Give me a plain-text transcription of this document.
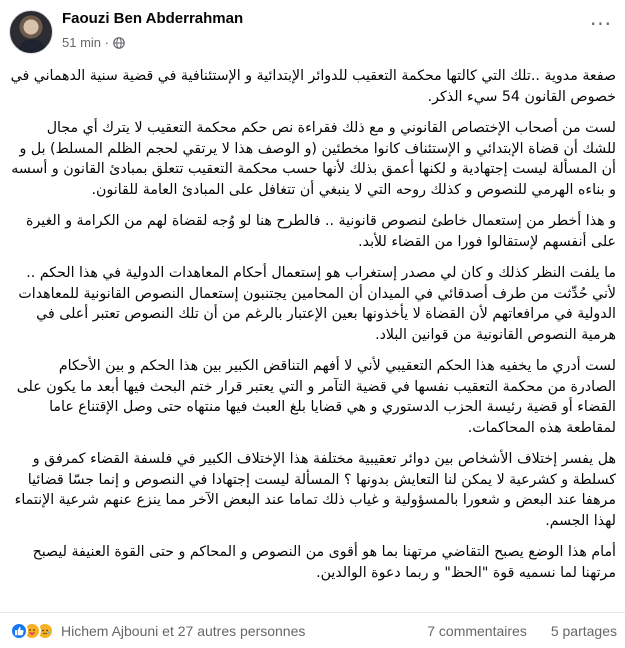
Faouzi Ben Abderrahman
51 min ·
···

صفعة مدوية ..تلك التي كالتها محكمة التعقيب للدوائر الإبتدائية و الإستئنافية في قضية سنية الدهماني في خصوص القانون 54 سيء الذكر.

لست من أصحاب الإختصاص القانوني و مع ذلك فقراءة نص حكم محكمة التعقيب لا يترك أي مجال للشك أن قضاة الإبتدائي و الإستئناف كانوا مخطئين (و الوصف هذا لا يرتقي لحجم الظلم المسلط) بل و أن المسألة ليست إجتهادية و لكنها أعمق بذلك لأنها حسب محكمة التعقيب تتعلق بمبادئ القانون و أسسه و بناءه الهرمي للنصوص و كذلك روحه التي لا ينبغي أن تتغافل على المبادئ العامة للقانون.

و هذا أخطر من إستعمال خاطئ لنصوص قانونية .. فالطرح هنا لو وُجه لقضاة لهم من الكرامة و الغيرة على أنفسهم لإستقالوا فورا من القضاء للأبد.

ما يلفت النظر كذلك و كان لي مصدر إستغراب هو إستعمال أحكام المعاهدات الدولية في هذا الحكم .. لأني حُدِّثت من طرف أصدقائي في الميدان أن المحامين يجتنبون إستعمال النصوص القانونية للمعاهدات الدولية في مرافعاتهم لأن القضاة لا يأخذونها بعين الإعتبار بالرغم من أن تلك النصوص تعتبر أعلى في هرمية النصوص القانونية من قوانين البلاد.

لست أدري ما يخفيه هذا الحكم التعقيبي لأني لا أفهم التناقض الكبير بين هذا الحكم و بين الأحكام الصادرة من محكمة التعقيب نفسها في قضية التآمر و التي يعتبر قرار ختم البحث فيها أبعد ما يكون على القضاء أو قضية رئيسة الحزب الدستوري و هي قضايا بلغ العبث فيها منتهاه حتى وصل الإقتناع عاما لمقاطعة هذه المحاكمات.

هل يفسر إختلاف الأشخاص بين دوائر تعقيبية مختلفة هذا الإختلاف الكبير في فلسفة القضاء كمرفق و كسلطة و كشرعية لا يمكن لنا التعايش بدونها ؟ المسألة ليست إجتهادا في النصوص و إنما جسّا قضائيا مرهفا عند البعض و شعورا بالمسؤولية و غياب ذلك تماما عند البعض الآخر مما ينزع عنهم شرعية الإنتماء لهذا الجسم.

أمام هذا الوضع يصبح التقاضي مرتهنا بما هو أقوى من النصوص و المحاكم و حتى القوة العنيفة ليصبح مرتهنا لما نسميه قوة "الحظ" و ربما دعوة الوالدين.

Hichem Ajbouni et 27 autres personnes	7 commentaires 5 partages
